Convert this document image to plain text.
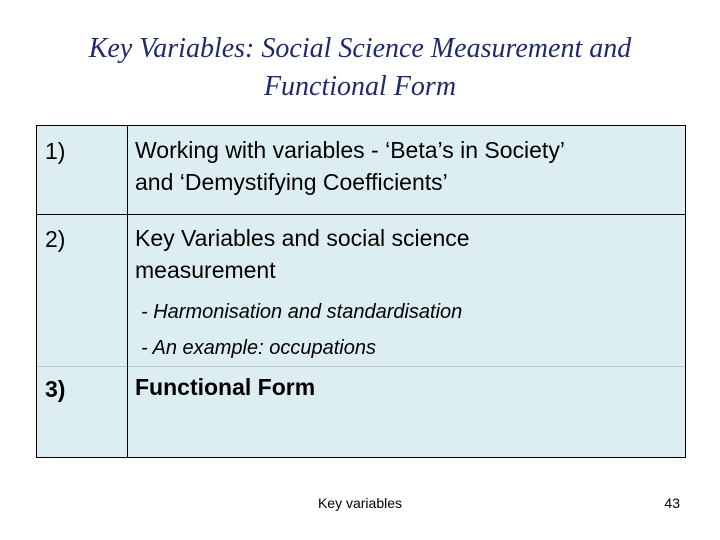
Key Variables: Social Science Measurement and
Functional Form
1)	Working with variables - ‘Beta’s in Society’
and ‘Demystifying Coefficients’

2)	Key Variables and social science
measurement
- Harmonisation and standardisation
- An example: occupations

3)	Functional Form
Key variables	43
